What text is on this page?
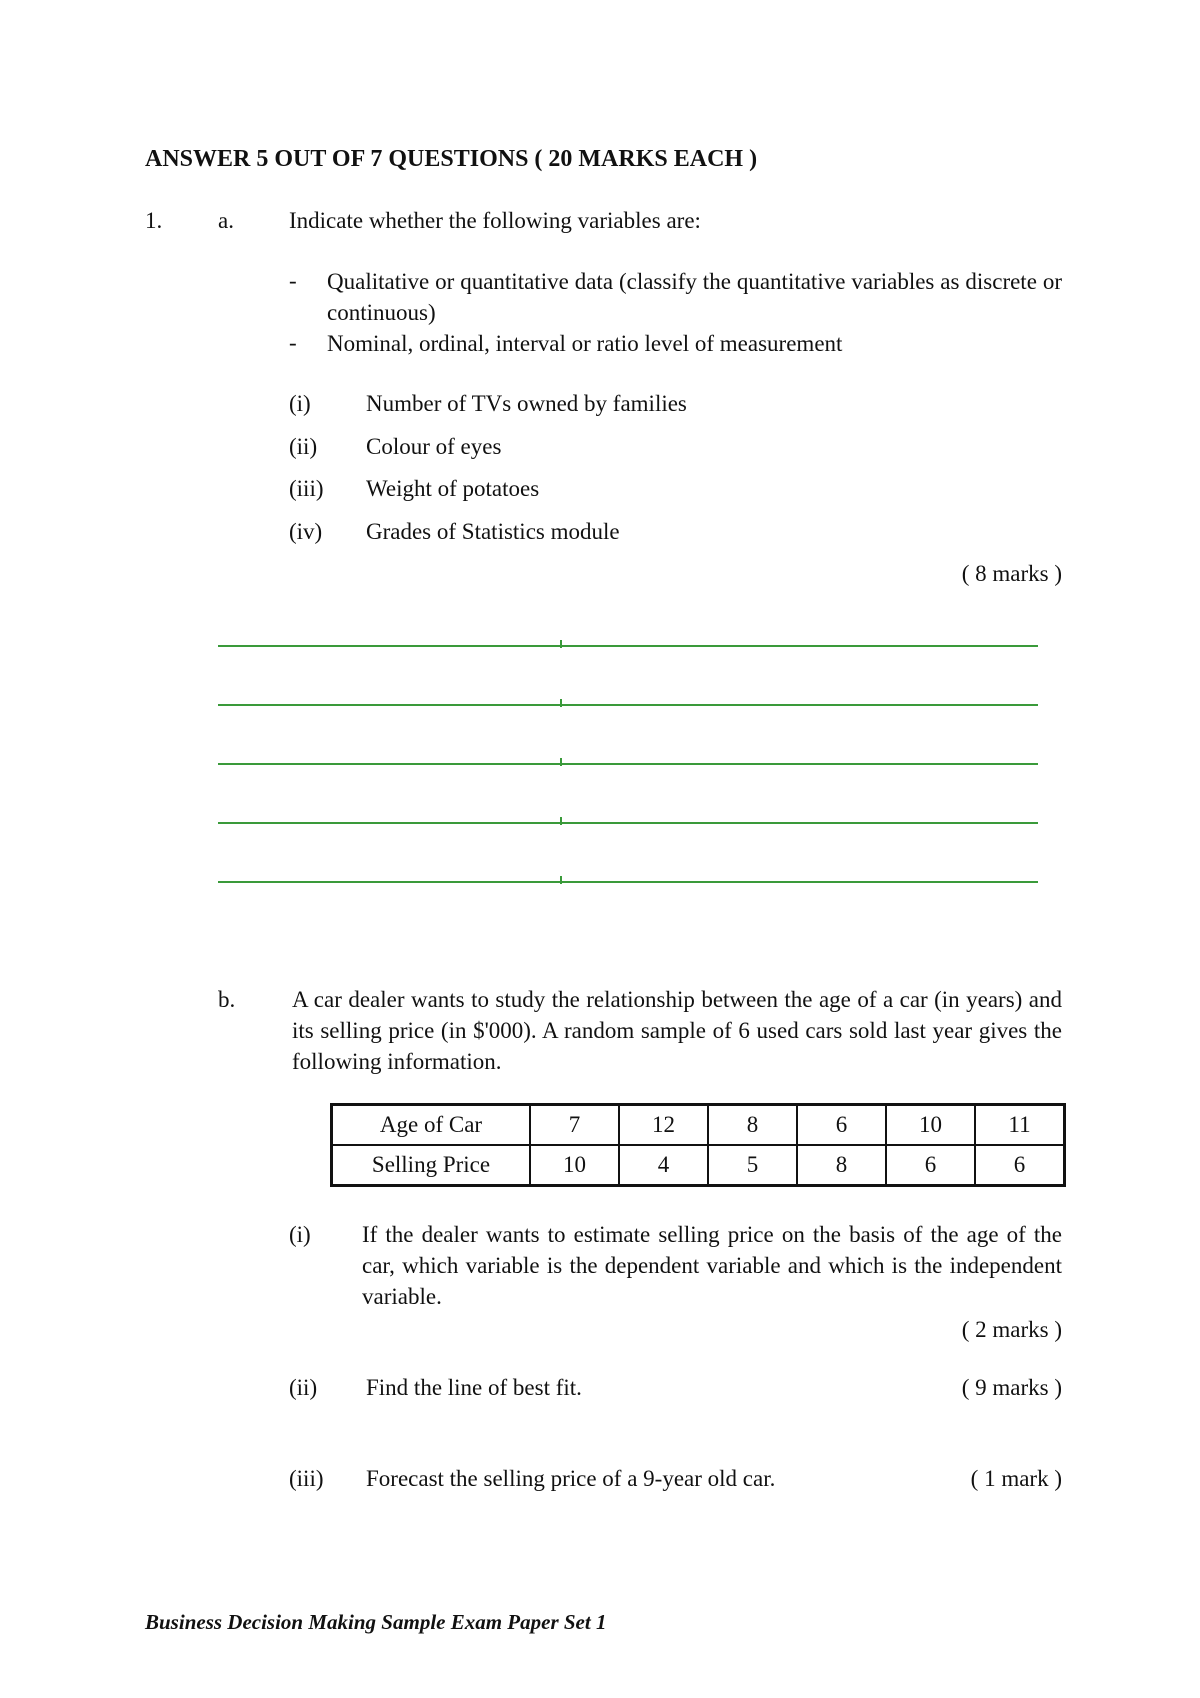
ANSWER 5 OUT OF 7 QUESTIONS ( 20 MARKS EACH )
1. a. Indicate whether the following variables are:
- Qualitative or quantitative data (classify the quantitative variables as discrete or continuous)
- Nominal, ordinal, interval or ratio level of measurement
(i) Number of TVs owned by families
(ii) Colour of eyes
(iii) Weight of potatoes
(iv) Grades of Statistics module
( 8 marks )
b. A car dealer wants to study the relationship between the age of a car (in years) and its selling price (in $'000). A random sample of 6 used cars sold last year gives the following information.
Age of Car	7	12	8	6	10	11
Selling Price	10	4	5	8	6	6
(i) If the dealer wants to estimate selling price on the basis of the age of the car, which variable is the dependent variable and which is the independent variable.
( 2 marks )
(ii) Find the line of best fit.	( 9 marks )
(iii) Forecast the selling price of a 9-year old car.	( 1 mark )
Business Decision Making Sample Exam Paper Set 1
